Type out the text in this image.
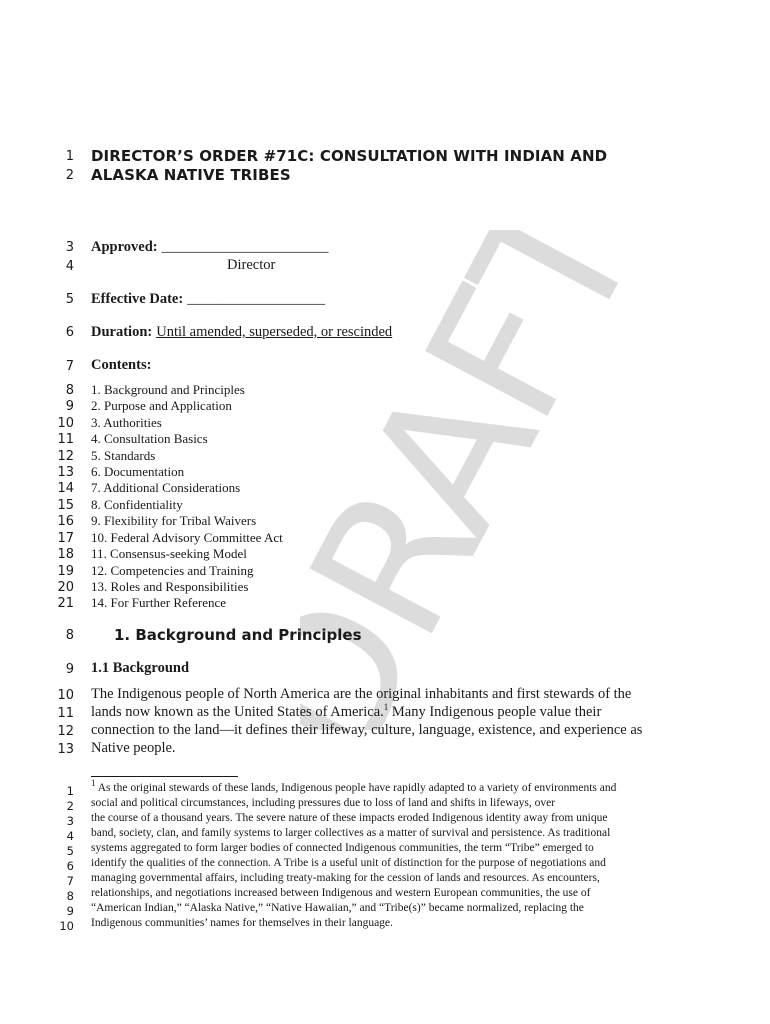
DRAFT
1 DIRECTOR’S ORDER #71C: CONSULTATION WITH INDIAN AND
2 ALASKA NATIVE TRIBES
3 Approved: _______________________
4	Director
5 Effective Date: ___________________
6 Duration: Until amended, superseded, or rescinded
7 Contents:
8 1. Background and Principles
9 2. Purpose and Application
10 3. Authorities
11 4. Consultation Basics
12 5. Standards
13 6. Documentation
14 7. Additional Considerations
15 8. Confidentiality
16 9. Flexibility for Tribal Waivers
17 10. Federal Advisory Committee Act
18 11. Consensus-seeking Model
19 12. Competencies and Training
20 13. Roles and Responsibilities
21 14. For Further Reference
8	1. Background and Principles
9 1.1 Background
10 The Indigenous people of North America are the original inhabitants and first stewards of the
11 lands now known as the United States of America.$^1$ Many Indigenous people value their
12 connection to the land—it defines their lifeway, culture, language, existence, and experience as
13 Native people.
1
$^1$ As the original stewards of these lands, Indigenous people have rapidly adapted to a variety of environments and
2 social and political circumstances, including pressures due to loss of land and shifts in lifeways, over
3 the course of a thousand years. The severe nature of these impacts eroded Indigenous identity away from unique
4 band, society, clan, and family systems to larger collectives as a matter of survival and persistence. As traditional
5 systems aggregated to form larger bodies of connected Indigenous communities, the term “Tribe” emerged to
6 identify the qualities of the connection. A Tribe is a useful unit of distinction for the purpose of negotiations and
7 managing governmental affairs, including treaty-making for the cession of lands and resources. As encounters,
8 relationships, and negotiations increased between Indigenous and western European communities, the use of
9 “American Indian,” “Alaska Native,” “Native Hawaiian,” and “Tribe(s)” became normalized, replacing the
10 Indigenous communities’ names for themselves in their language.
